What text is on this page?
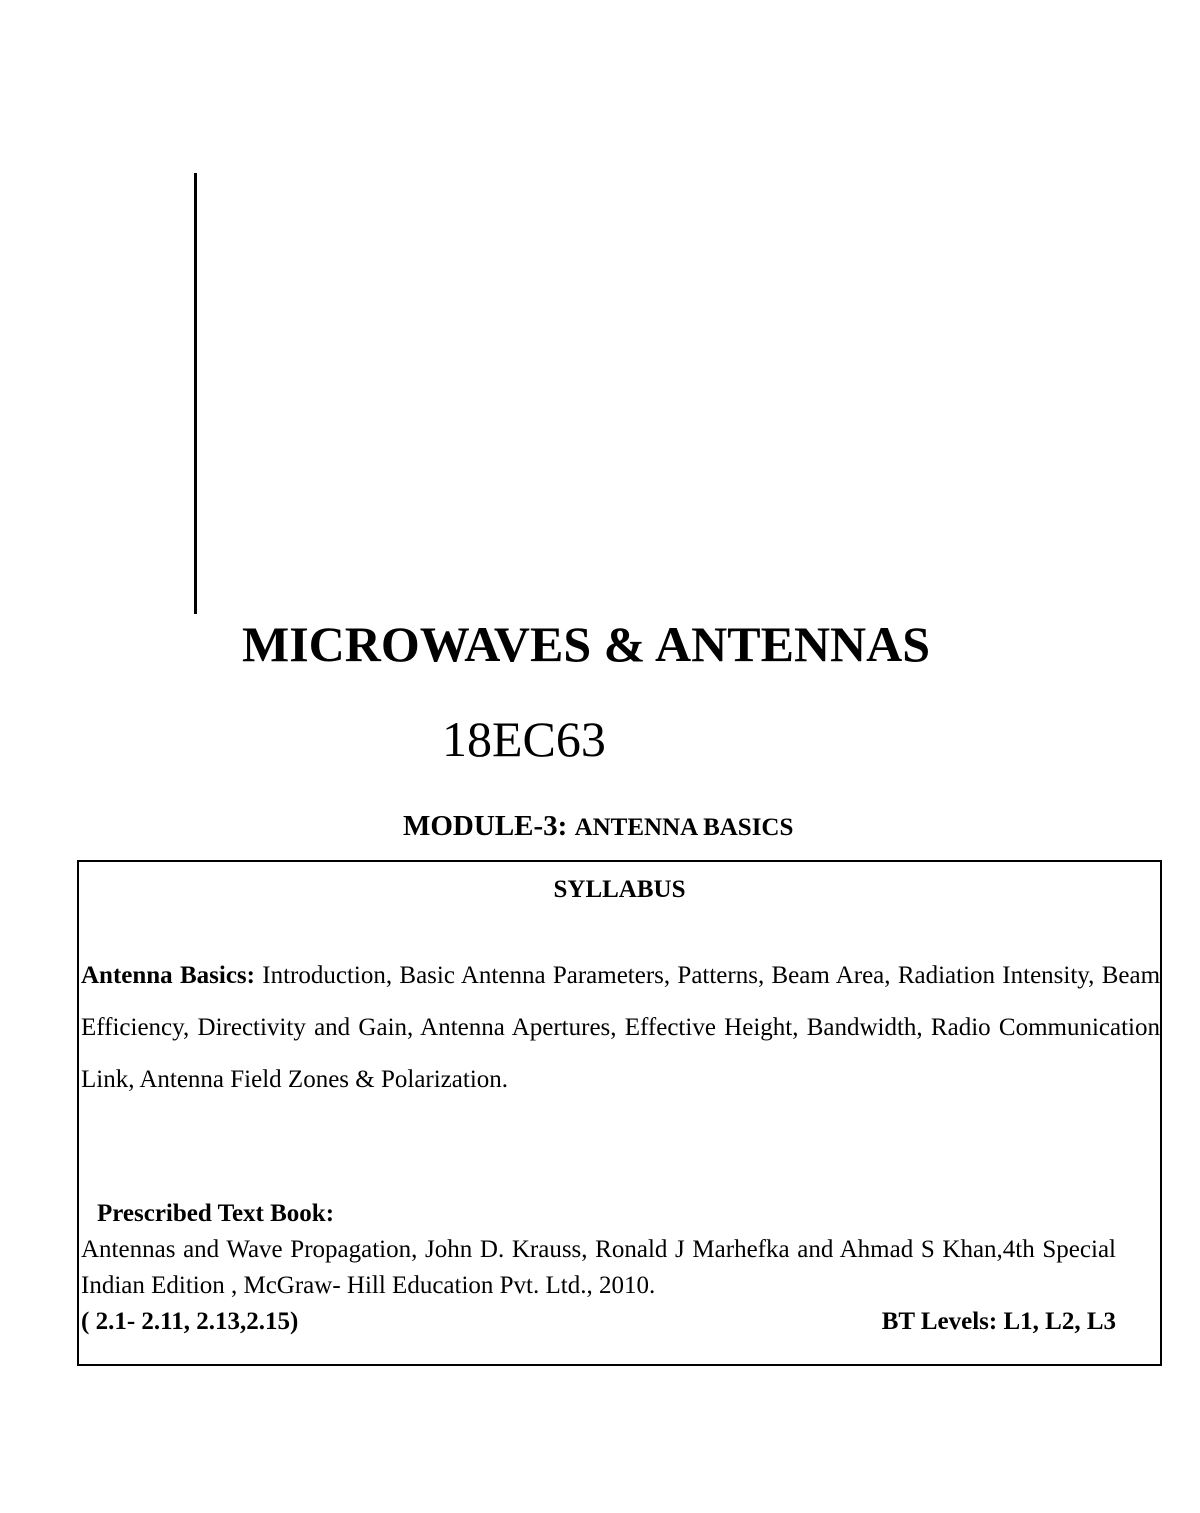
MICROWAVES & ANTENNAS
18EC63
MODULE-3: ANTENNA BASICS
SYLLABUS
Antenna Basics: Introduction, Basic Antenna Parameters, Patterns, Beam Area, Radiation Intensity, Beam Efficiency, Directivity and Gain, Antenna Apertures, Effective Height, Bandwidth, Radio Communication Link, Antenna Field Zones & Polarization.
Prescribed Text Book:
Antennas and Wave Propagation, John D. Krauss, Ronald J Marhefka and Ahmad S Khan,4th Special Indian Edition , McGraw- Hill Education Pvt. Ltd., 2010.
( 2.1- 2.11, 2.13,2.15)	BT Levels: L1, L2, L3
